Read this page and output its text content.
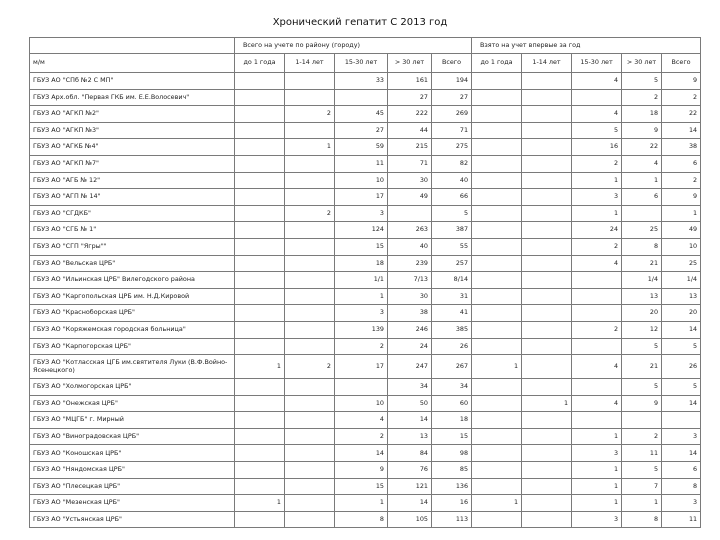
Хронический гепатит С 2013 год
	Всего на учете по району (городу)					Взято на учет впервые за год				
м/м	до 1 года	1-14 лет	15-30 лет	> 30 лет	Всего	до 1 года	1-14 лет	15-30 лет	> 30 лет	Всего
ГБУЗ АО "СПб №2 С МП"			33	161	194			4	5	9
ГБУЗ Арх.обл. "Первая ГКБ им. Е.Е.Волосевич"				27	27				2	2
ГБУЗ АО "АГКП №2"		2	45	222	269			4	18	22
ГБУЗ АО "АГКП №3"			27	44	71			5	9	14
ГБУЗ АО "АГКБ №4"		1	59	215	275			16	22	38
ГБУЗ АО "АГКП №7"			11	71	82			2	4	6
ГБУЗ АО "АГБ № 12"			10	30	40			1	1	2
ГБУЗ АО "АГП № 14"			17	49	66			3	6	9
ГБУЗ АО "СГДКБ"		2	3		5			1		1
ГБУЗ АО "СГБ № 1"			124	263	387			24	25	49
ГБУЗ АО "СГП "Ягры""			15	40	55			2	8	10
ГБУЗ АО "Вельская ЦРБ"			18	239	257			4	21	25
ГБУЗ АО "Ильинская ЦРБ" Вилегодского района			1/1	7/13	8/14				1/4	1/4
ГБУЗ АО "Каргопольская ЦРБ им. Н.Д.Кировой			1	30	31				13	13
ГБУЗ АО "Красноборская ЦРБ"			3	38	41				20	20
ГБУЗ АО "Коряжемская городская больница"			139	246	385			2	12	14
ГБУЗ АО "Карпогорская ЦРБ"			2	24	26				5	5
ГБУЗ АО "Котласская ЦГБ им.святителя Луки (В.Ф.Войно-
Ясенецкого)	1	2	17	247	267	1		4	21	26
ГБУЗ АО "Холмогорская ЦРБ"				34	34				5	5
ГБУЗ АО "Онежская ЦРБ"			10	50	60		1	4	9	14
ГБУЗ АО "МЦГБ" г. Мирный			4	14	18					
ГБУЗ АО "Виноградовская ЦРБ"			2	13	15			1	2	3
ГБУЗ АО "Коношская ЦРБ"			14	84	98			3	11	14
ГБУЗ АО "Няндомская ЦРБ"			9	76	85			1	5	6
ГБУЗ АО "Плесецкая ЦРБ"			15	121	136			1	7	8
ГБУЗ АО "Мезенская ЦРБ"	1		1	14	16	1		1	1	3
ГБУЗ АО "Устьянская ЦРБ"			8	105	113			3	8	11
